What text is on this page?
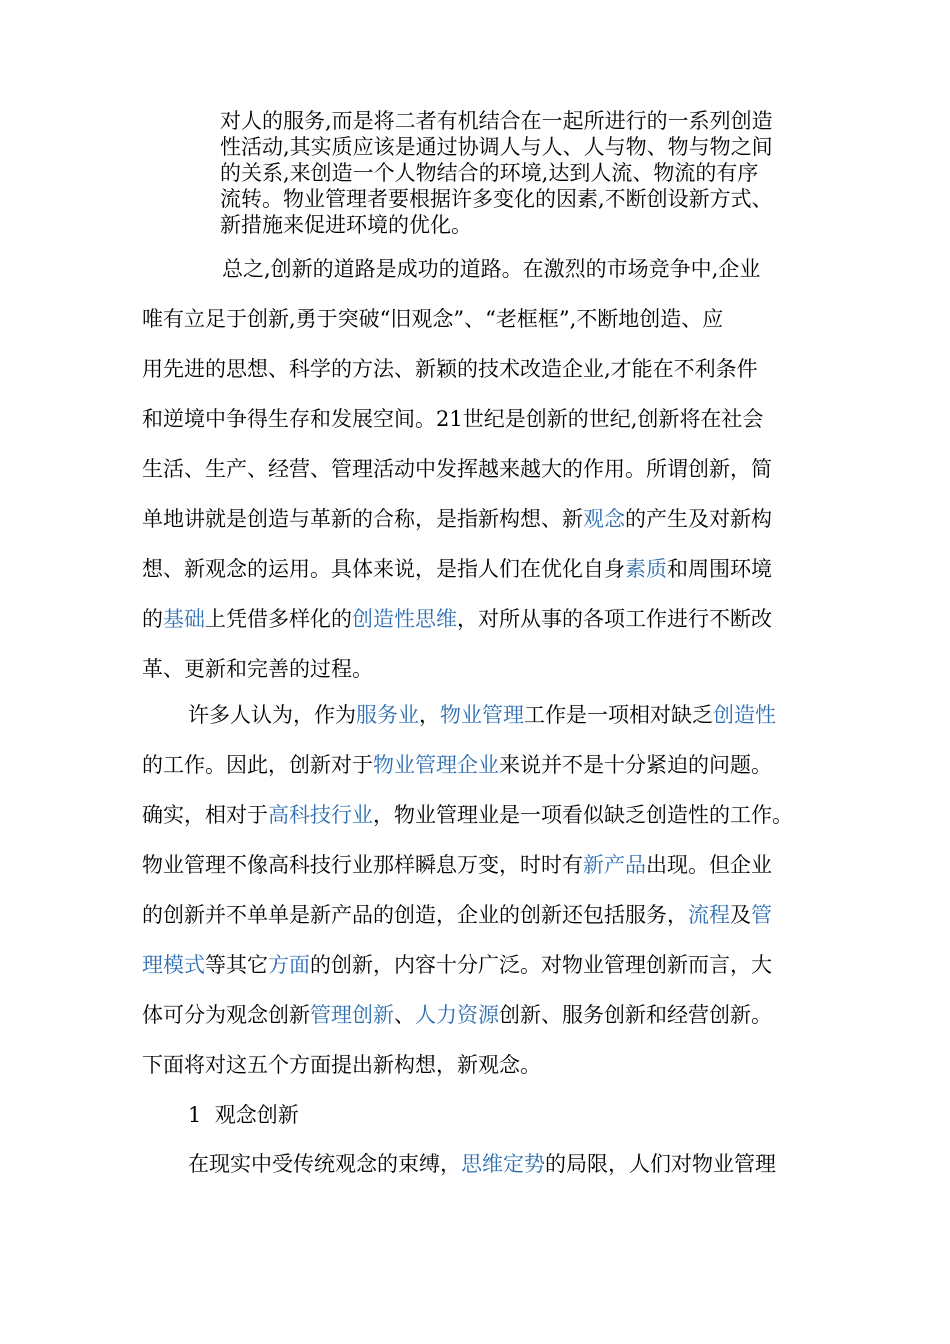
对人的服务,而是将二者有机结合在一起所进行的一系列创造
性活动,其实质应该是通过协调人与人、人与物、物与物之间
的关系,来创造一个人物结合的环境,达到人流、物流的有序
流转。物业管理者要根据许多变化的因素,不断创设新方式、
新措施来促进环境的优化。
总之,创新的道路是成功的道路。在激烈的市场竞争中,企业
唯有立足于创新,勇于突破“旧观念”、“老框框”,不断地创造、应
用先进的思想、科学的方法、新颖的技术改造企业,才能在不利条件
和逆境中争得生存和发展空间。21世纪是创新的世纪,创新将在社会
生活、生产、经营、管理活动中发挥越来越大的作用。所谓创新，简
单地讲就是创造与革新的合称，是指新构想、新观念的产生及对新构
想、新观念的运用。具体来说，是指人们在优化自身素质和周围环境
的基础上凭借多样化的创造性思维，对所从事的各项工作进行不断改
革、更新和完善的过程。
许多人认为，作为服务业，物业管理工作是一项相对缺乏创造性
的工作。因此，创新对于物业管理企业来说并不是十分紧迫的问题。
确实，相对于高科技行业，物业管理业是一项看似缺乏创造性的工作。
物业管理不像高科技行业那样瞬息万变，时时有新产品出现。但企业
的创新并不单单是新产品的创造，企业的创新还包括服务，流程及管
理模式等其它方面的创新，内容十分广泛。对物业管理创新而言，大
体可分为观念创新管理创新、人力资源创新、服务创新和经营创新。
下面将对这五个方面提出新构想，新观念。
1 观念创新
在现实中受传统观念的束缚，思维定势的局限，人们对物业管理
